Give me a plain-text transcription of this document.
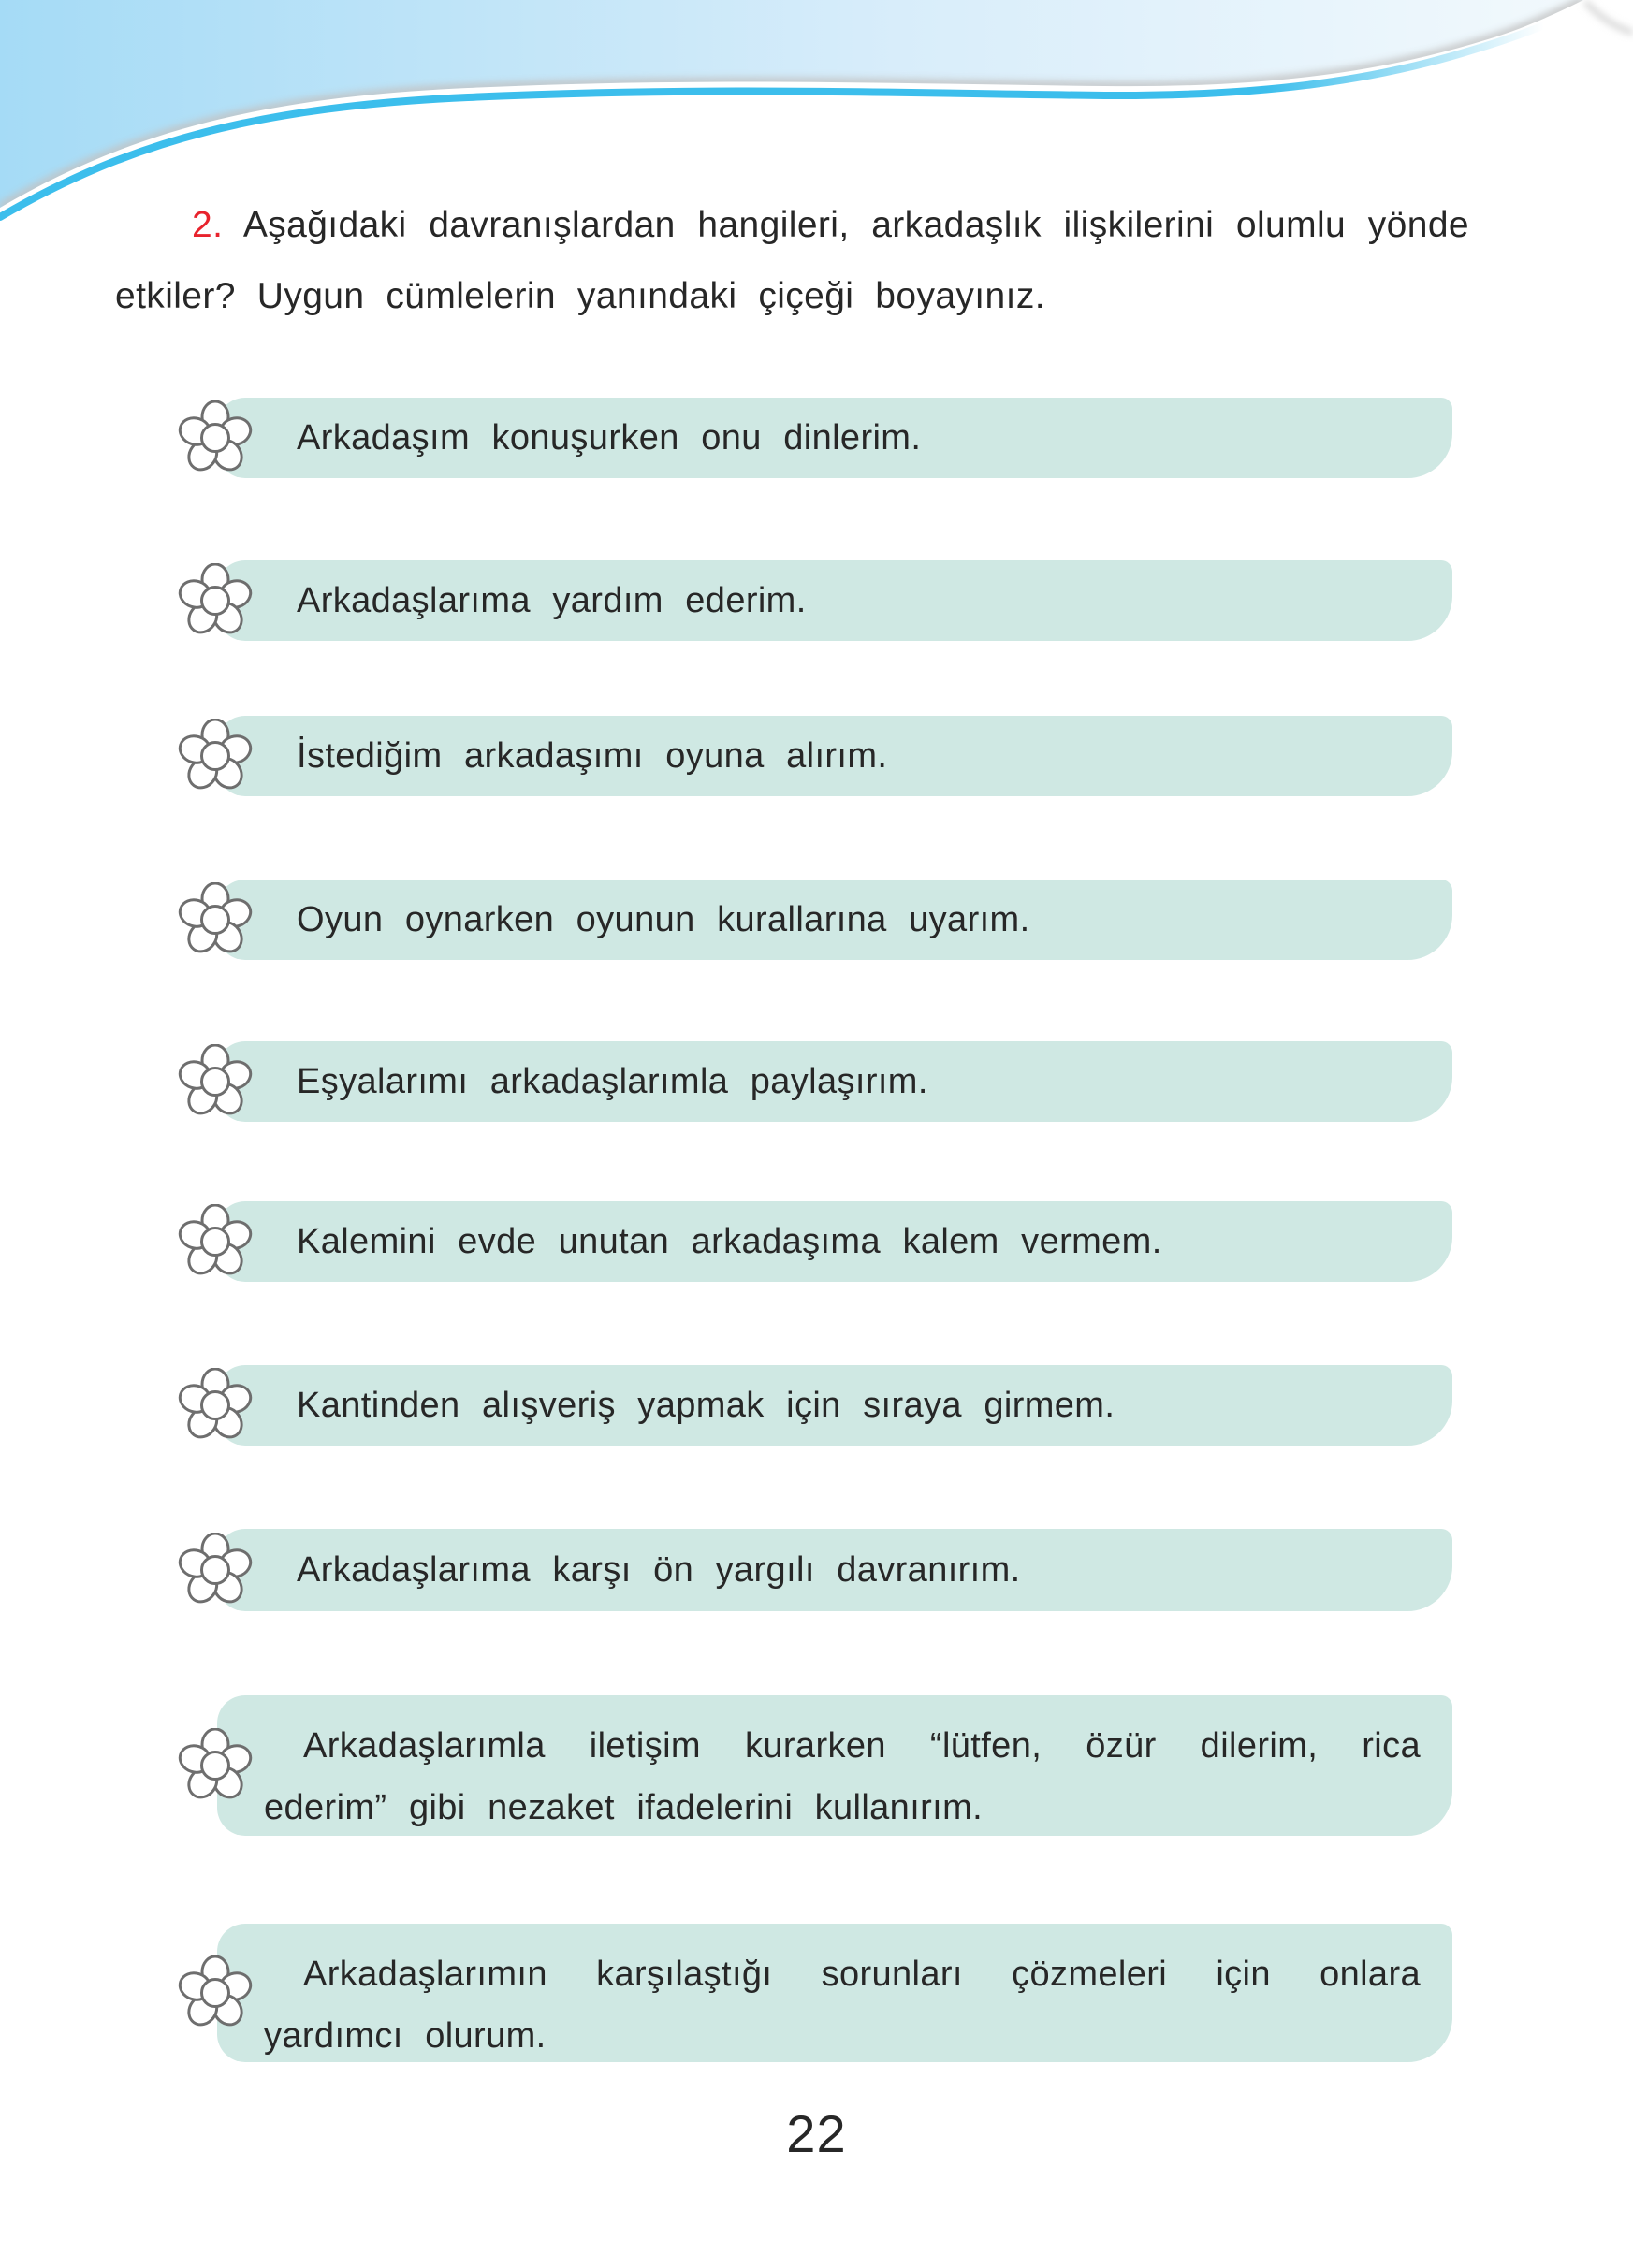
2. Aşağıdaki davranışlardan hangileri, arkadaşlık ilişkilerini olumlu yönde etkiler? Uygun cümlelerin yanındaki çiçeği boyayınız.

Arkadaşım konuşurken onu dinlerim.

Arkadaşlarıma yardım ederim.

İstediğim arkadaşımı oyuna alırım.

Oyun oynarken oyunun kurallarına uyarım.

Eşyalarımı arkadaşlarımla paylaşırım.

Kalemini evde unutan arkadaşıma kalem vermem.

Kantinden alışveriş yapmak için sıraya girmem.

Arkadaşlarıma karşı ön yargılı davranırım.

Arkadaşlarımla iletişim kurarken “lütfen, özür dilerim, rica ederim” gibi nezaket ifadelerini kullanırım.

Arkadaşlarımın karşılaştığı sorunları çözmeleri için onlara yardımcı olurum.

22
